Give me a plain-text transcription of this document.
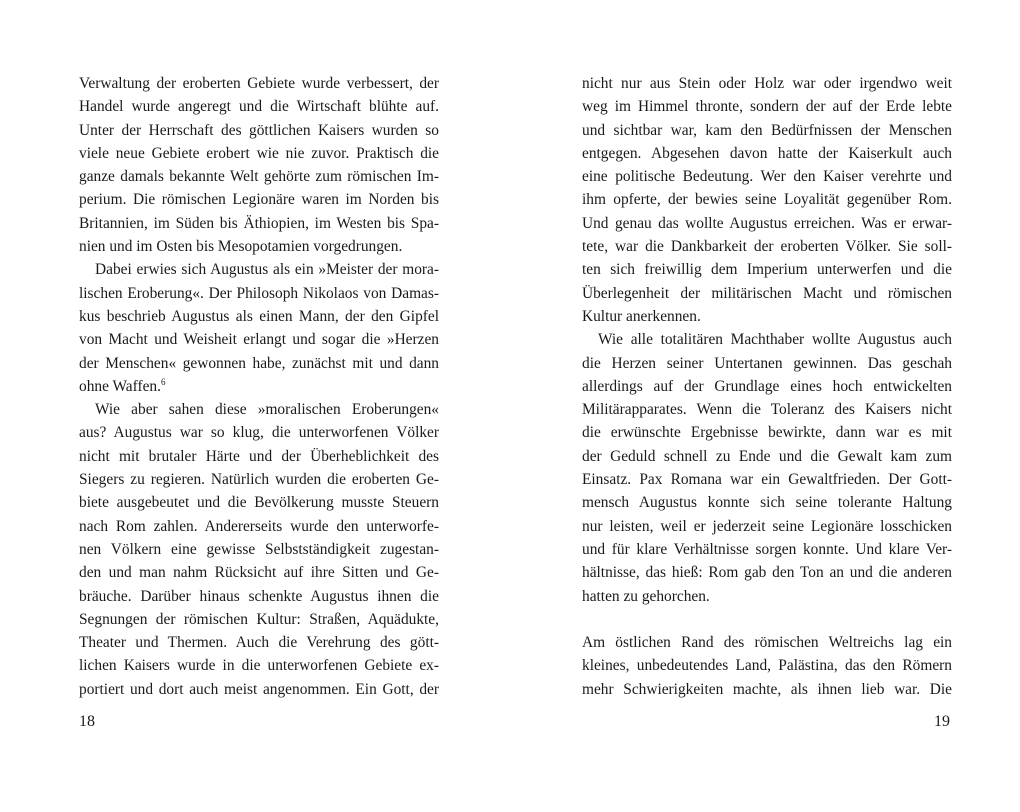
Verwaltung der eroberten Gebiete wurde verbessert, der
Handel wurde angeregt und die Wirtschaft blühte auf.
Unter der Herrschaft des göttlichen Kaisers wurden so
viele neue Gebiete erobert wie nie zuvor. Praktisch die
ganze damals bekannte Welt gehörte zum römischen Im-
perium. Die römischen Legionäre waren im Norden bis
Britannien, im Süden bis Äthiopien, im Westen bis Spa-
nien und im Osten bis Mesopotamien vorgedrungen.
Dabei erwies sich Augustus als ein »Meister der mora-
lischen Eroberung«. Der Philosoph Nikolaos von Damas-
kus beschrieb Augustus als einen Mann, der den Gipfel
von Macht und Weisheit erlangt und sogar die »Herzen
der Menschen« gewonnen habe, zunächst mit und dann
ohne Waffen.$^6$
Wie aber sahen diese »moralischen Eroberungen«
aus? Augustus war so klug, die unterworfenen Völker
nicht mit brutaler Härte und der Überheblichkeit des
Siegers zu regieren. Natürlich wurden die eroberten Ge-
biete ausgebeutet und die Bevölkerung musste Steuern
nach Rom zahlen. Andererseits wurde den unterworfe-
nen Völkern eine gewisse Selbstständigkeit zugestan-
den und man nahm Rücksicht auf ihre Sitten und Ge-
bräuche. Darüber hinaus schenkte Augustus ihnen die
Segnungen der römischen Kultur: Straßen, Aquädukte,
Theater und Thermen. Auch die Verehrung des gött-
lichen Kaisers wurde in die unterworfenen Gebiete ex-
portiert und dort auch meist angenommen. Ein Gott, der
18
nicht nur aus Stein oder Holz war oder irgendwo weit
weg im Himmel thronte, sondern der auf der Erde lebte
und sichtbar war, kam den Bedürfnissen der Menschen
entgegen. Abgesehen davon hatte der Kaiserkult auch
eine politische Bedeutung. Wer den Kaiser verehrte und
ihm opferte, der bewies seine Loyalität gegenüber Rom.
Und genau das wollte Augustus erreichen. Was er erwar-
tete, war die Dankbarkeit der eroberten Völker. Sie soll-
ten sich freiwillig dem Imperium unterwerfen und die
Überlegenheit der militärischen Macht und römischen
Kultur anerkennen.
Wie alle totalitären Machthaber wollte Augustus auch
die Herzen seiner Untertanen gewinnen. Das geschah
allerdings auf der Grundlage eines hoch entwickelten
Militärapparates. Wenn die Toleranz des Kaisers nicht
die erwünschte Ergebnisse bewirkte, dann war es mit
der Geduld schnell zu Ende und die Gewalt kam zum
Einsatz. Pax Romana war ein Gewaltfrieden. Der Gott-
mensch Augustus konnte sich seine tolerante Haltung
nur leisten, weil er jederzeit seine Legionäre losschicken
und für klare Verhältnisse sorgen konnte. Und klare Ver-
hältnisse, das hieß: Rom gab den Ton an und die anderen
hatten zu gehorchen.
Am östlichen Rand des römischen Weltreichs lag ein
kleines, unbedeutendes Land, Palästina, das den Römern
mehr Schwierigkeiten machte, als ihnen lieb war. Die
19
